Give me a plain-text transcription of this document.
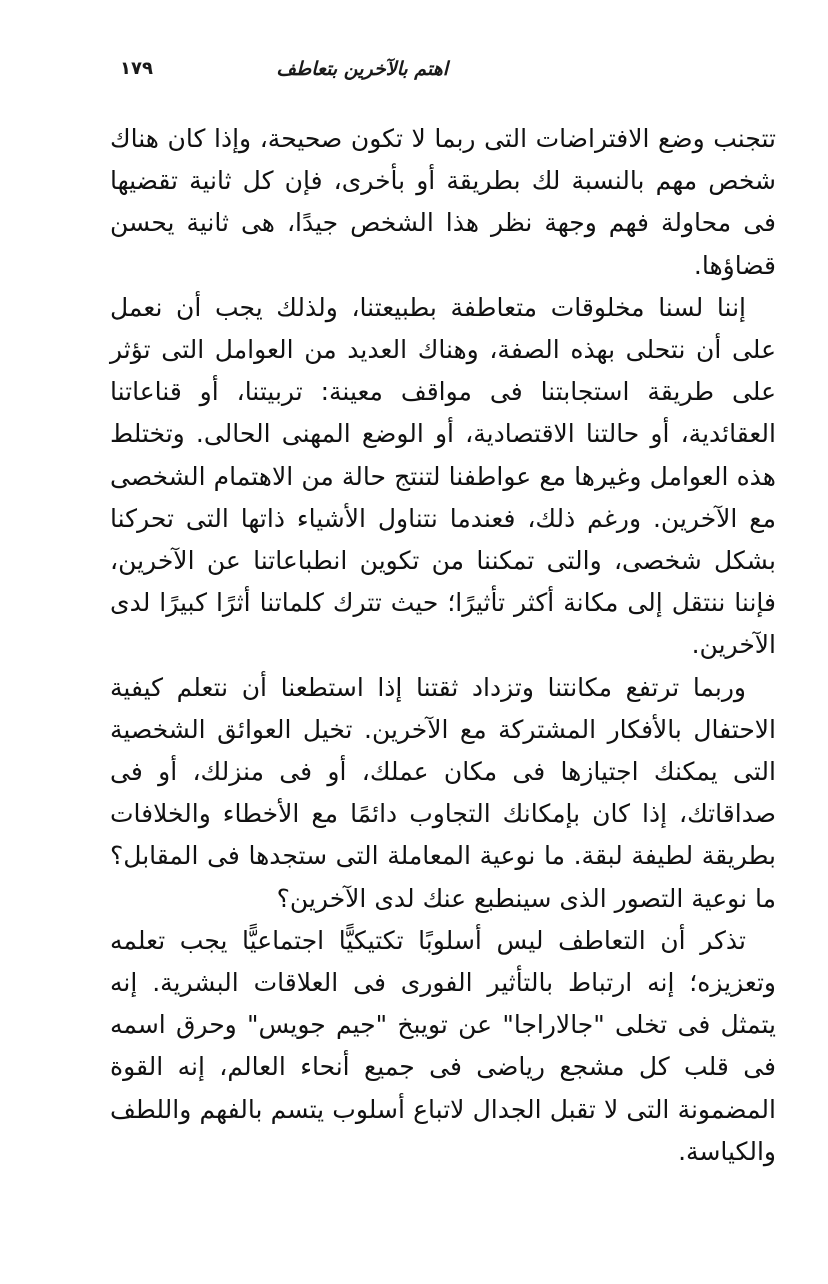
اهتم بالآخرين بتعاطف
١٧٩

تتجنب وضع الافتراضات التى ربما لا تكون صحيحة، وإذا كان هناك شخص مهم بالنسبة لك بطريقة أو بأخرى، فإن كل ثانية تقضيها فى محاولة فهم وجهة نظر هذا الشخص جيدًا، هى ثانية يحسن قضاؤها.

إننا لسنا مخلوقات متعاطفة بطبيعتنا، ولذلك يجب أن نعمل على أن نتحلى بهذه الصفة، وهناك العديد من العوامل التى تؤثر على طريقة استجابتنا فى مواقف معينة: تربيتنا، أو قناعاتنا العقائدية، أو حالتنا الاقتصادية، أو الوضع المهنى الحالى. وتختلط هذه العوامل وغيرها مع عواطفنا لتنتج حالة من الاهتمام الشخصى مع الآخرين. ورغم ذلك، فعندما نتناول الأشياء ذاتها التى تحركنا بشكل شخصى، والتى تمكننا من تكوين انطباعاتنا عن الآخرين، فإننا ننتقل إلى مكانة أكثر تأثيرًا؛ حيث تترك كلماتنا أثرًا كبيرًا لدى الآخرين.

وربما ترتفع مكانتنا وتزداد ثقتنا إذا استطعنا أن نتعلم كيفية الاحتفال بالأفكار المشتركة مع الآخرين. تخيل العوائق الشخصية التى يمكنك اجتيازها فى مكان عملك، أو فى منزلك، أو فى صداقاتك، إذا كان بإمكانك التجاوب دائمًا مع الأخطاء والخلافات بطريقة لطيفة لبقة. ما نوعية المعاملة التى ستجدها فى المقابل؟ ما نوعية التصور الذى سينطبع عنك لدى الآخرين؟

تذكر أن التعاطف ليس أسلوبًا تكتيكيًّا اجتماعيًّا يجب تعلمه وتعزيزه؛ إنه ارتباط بالتأثير الفورى فى العلاقات البشرية. إنه يتمثل فى تخلى "جالاراجا" عن تويبخ "جيم جويس" وحرق اسمه فى قلب كل مشجع رياضى فى جميع أنحاء العالم، إنه القوة المضمونة التى لا تقبل الجدال لاتباع أسلوب يتسم بالفهم واللطف والكياسة.
